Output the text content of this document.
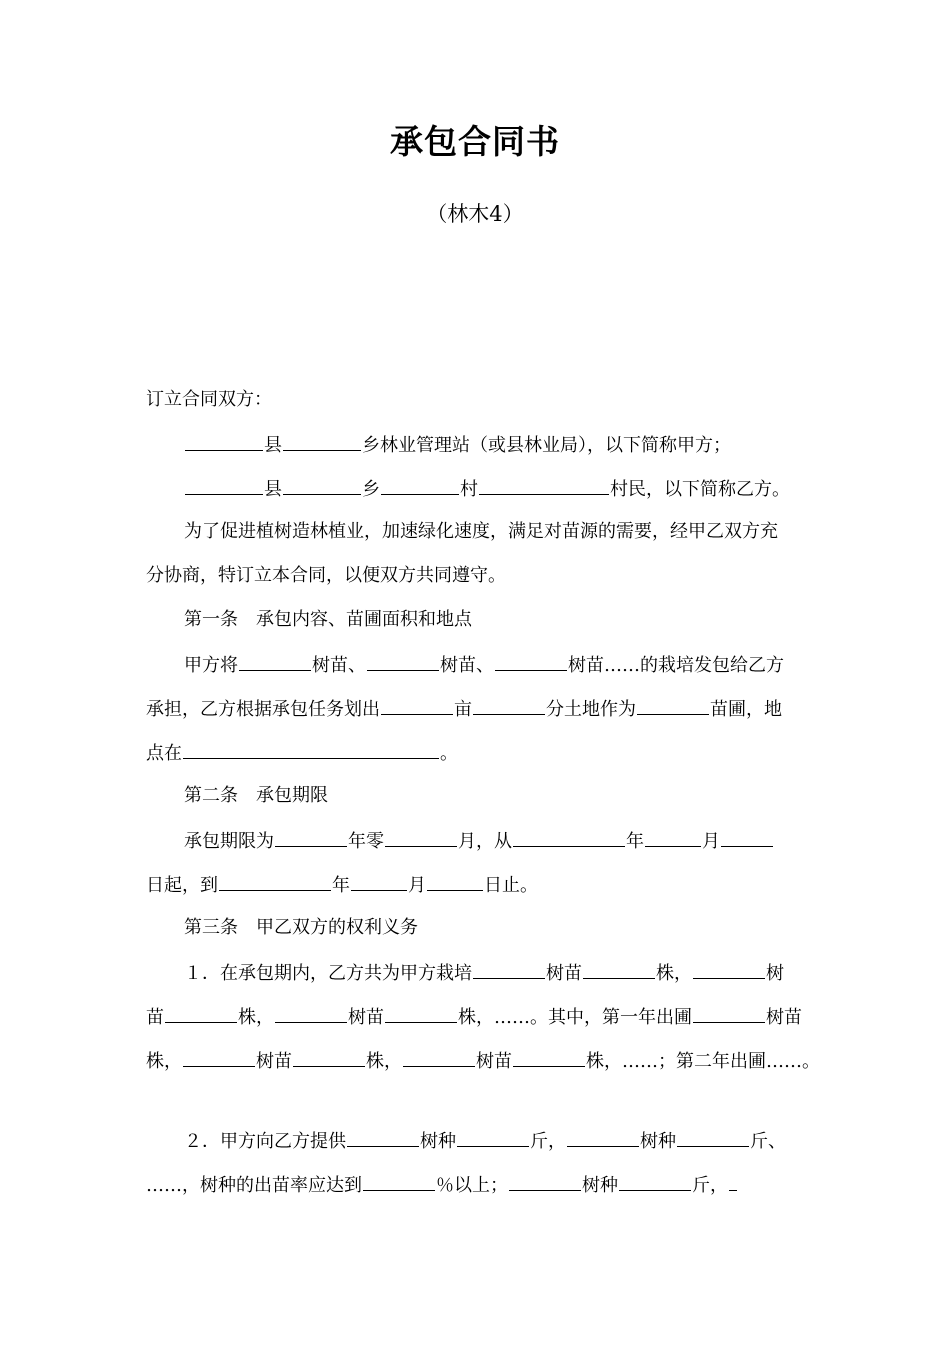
承包合同书
（林木4）
订立合同双方：
县	乡林业管理站（或县林业局），以下简称甲方；
县	乡	村	村民，以下简称乙方。
为了促进植树造林植业，加速绿化速度，满足对苗源的需要，经甲乙双方充
分协商，特订立本合同，以便双方共同遵守。
第一条　承包内容、苗圃面积和地点
甲方将	树苗、	树苗、	树苗……的栽培发包给乙方
承担，乙方根据承包任务划出	亩	分土地作为	苗圃，地
点在	。
第二条　承包期限
承包期限为	年零	月，从	年	月
日起，到	年	月	日止。
第三条　甲乙双方的权利义务
１．在承包期内，乙方共为甲方栽培	树苗	株，	树
苗	株，	树苗	株，……。其中，第一年出圃	树苗
株，	树苗	株，	树苗	株，……；第二年出圃……。
２．甲方向乙方提供	树种	斤，	树种	斤、
……，树种的出苗率应达到	％以上；	树种	斤，
